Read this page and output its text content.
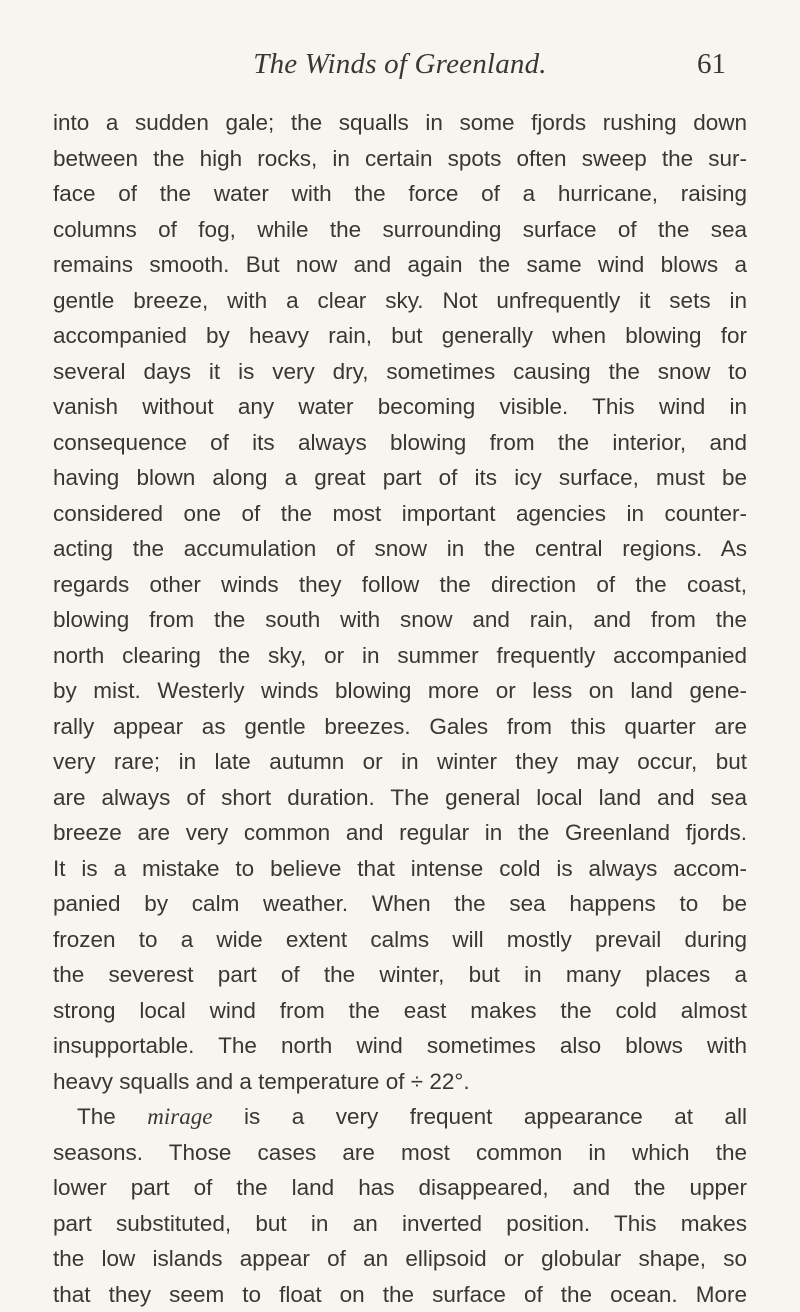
The Winds of Greenland.	61
into a sudden gale; the squalls in some fjords rushing down
between the high rocks, in certain spots often sweep the sur-
face of the water with the force of a hurricane, raising
columns of fog, while the surrounding surface of the sea
remains smooth. But now and again the same wind blows a
gentle breeze, with a clear sky. Not unfrequently it sets in
accompanied by heavy rain, but generally when blowing for
several days it is very dry, sometimes causing the snow to
vanish without any water becoming visible. This wind in
consequence of its always blowing from the interior, and
having blown along a great part of its icy surface, must be
considered one of the most important agencies in counter-
acting the accumulation of snow in the central regions. As
regards other winds they follow the direction of the coast,
blowing from the south with snow and rain, and from the
north clearing the sky, or in summer frequently accompanied
by mist. Westerly winds blowing more or less on land gene-
rally appear as gentle breezes. Gales from this quarter are
very rare; in late autumn or in winter they may occur, but
are always of short duration. The general local land and sea
breeze are very common and regular in the Greenland fjords.
It is a mistake to believe that intense cold is always accom-
panied by calm weather. When the sea happens to be
frozen to a wide extent calms will mostly prevail during
the severest part of the winter, but in many places a
strong local wind from the east makes the cold almost
insupportable. The north wind sometimes also blows with
heavy squalls and a temperature of ÷ 22°.
The mirage is a very frequent appearance at all
seasons. Those cases are most common in which the
lower part of the land has disappeared, and the upper
part substituted, but in an inverted position. This makes
the low islands appear of an ellipsoid or globular shape, so
that they seem to float on the surface of the ocean. More
